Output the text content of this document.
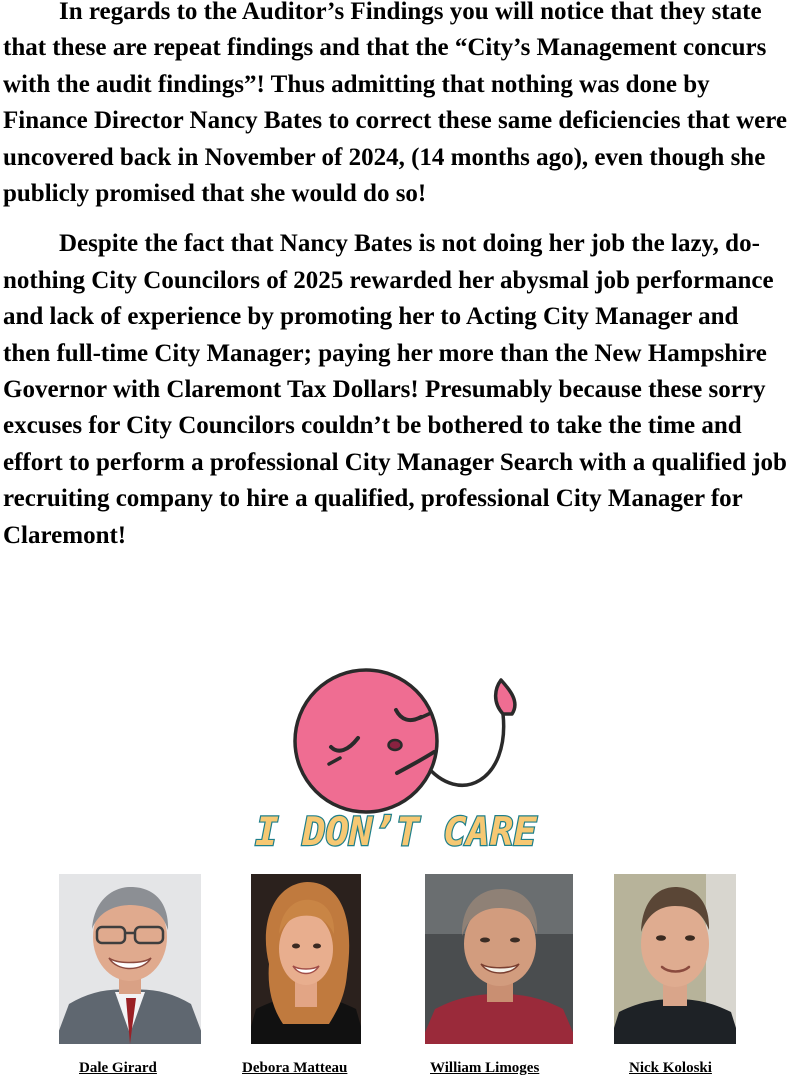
In regards to the Auditor’s Findings you will notice that they state that these are repeat findings and that the “City’s Management concurs with the audit findings”! Thus admitting that nothing was done by Finance Director Nancy Bates to correct these same deficiencies that were uncovered back in November of 2024, (14 months ago), even though she publicly promised that she would do so!

Despite the fact that Nancy Bates is not doing her job the lazy, do-nothing City Councilors of 2025 rewarded her abysmal job performance and lack of experience by promoting her to Acting City Manager and then full-time City Manager; paying her more than the New Hampshire Governor with Claremont Tax Dollars! Presumably because these sorry excuses for City Councilors couldn’t be bothered to take the time and effort to perform a professional City Manager Search with a qualified job recruiting company to hire a qualified, professional City Manager for Claremont!

I DON’T CARE
Dale Girard	Debora Matteau	William Limoges	Nick Koloski
